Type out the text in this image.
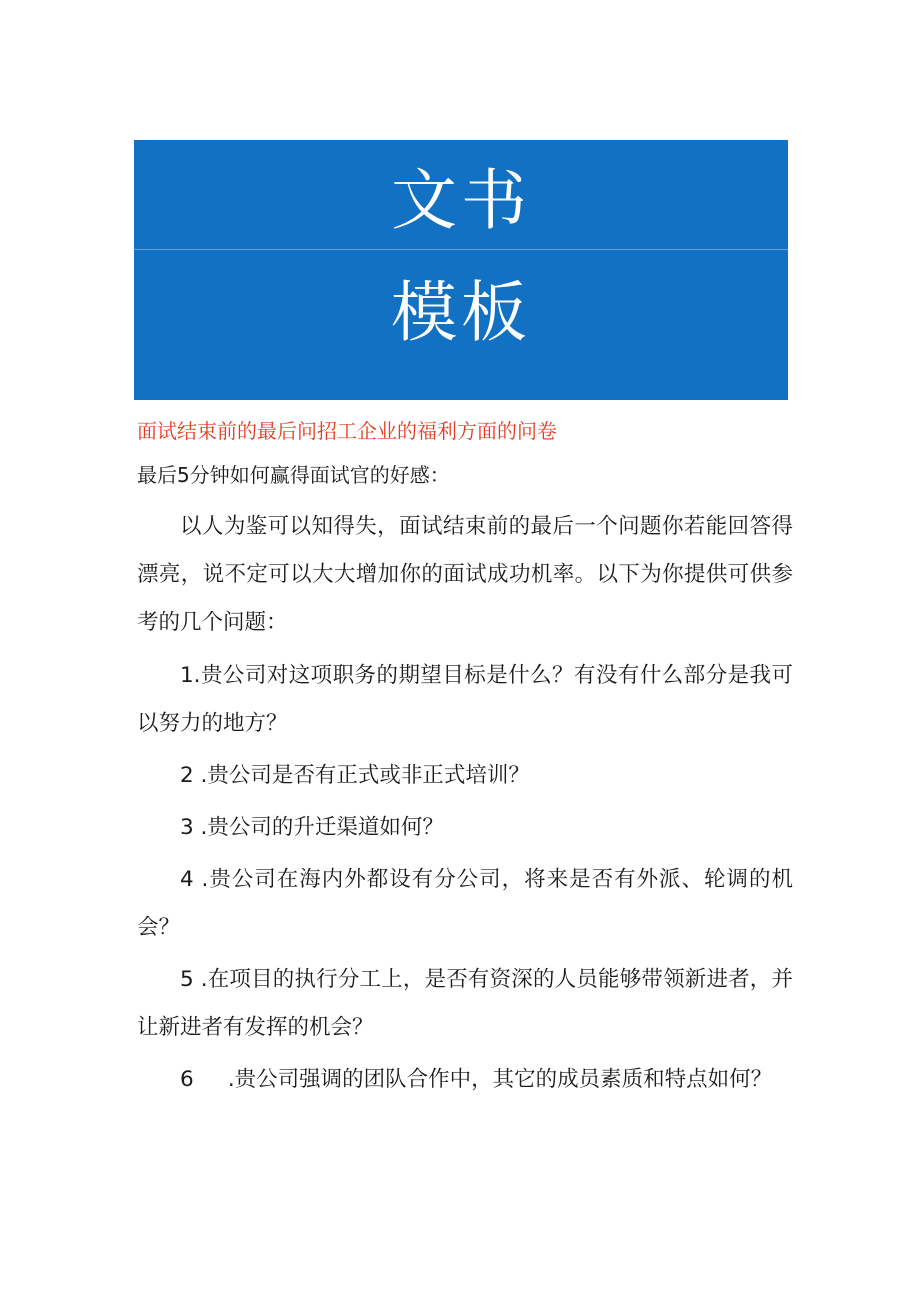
文书
模板
面试结束前的最后问招工企业的福利方面的问卷
最后5分钟如何赢得面试官的好感：

以人为鉴可以知得失，面试结束前的最后一个问题你若能回答得漂亮，说不定可以大大增加你的面试成功机率。以下为你提供可供参考的几个问题：

1.贵公司对这项职务的期望目标是什么？有没有什么部分是我可以努力的地方？

2 .贵公司是否有正式或非正式培训？

3 .贵公司的升迁渠道如何？

4 .贵公司在海内外都设有分公司，将来是否有外派、轮调的机会？

5 .在项目的执行分工上，是否有资深的人员能够带领新进者，并让新进者有发挥的机会？

6     .贵公司强调的团队合作中，其它的成员素质和特点如何？
